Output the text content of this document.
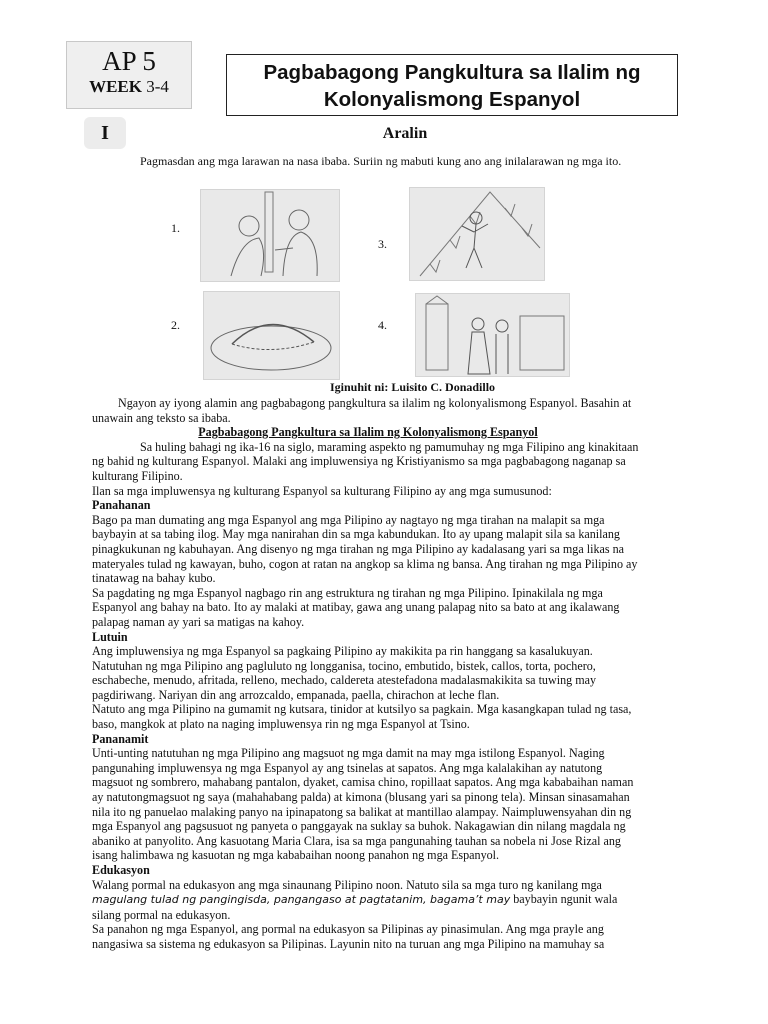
AP 5
WEEK 3-4
Pagbabagong Pangkultura sa Ilalim ng
Kolonyalismong Espanyol
I	Aralin
Pagmasdan ang mga larawan na nasa ibaba. Suriin ng mabuti kung ano ang inilalarawan ng mga ito.
1.
2.
3.
4.
Iginuhit ni: Luisito C. Donadillo

Ngayon ay iyong alamin ang pagbabagong pangkultura sa ilalim ng kolonyalismong Espanyol. Basahin at unawain ang teksto sa ibaba.

Pagbabagong Pangkultura sa Ilalim ng Kolonyalismong Espanyol

Sa huling bahagi ng ika-16 na siglo, maraming aspekto ng pamumuhay ng mga Filipino ang kinakitaan ng bahid ng kulturang Espanyol. Malaki ang impluwensiya ng Kristiyanismo sa mga pagbabagong naganap sa kulturang Filipino.

Ilan sa mga impluwensya ng kulturang Espanyol sa kulturang Filipino ay ang mga sumusunod:

Panahanan

Bago pa man dumating ang mga Espanyol ang mga Pilipino ay nagtayo ng mga tirahan na malapit sa mga baybayin at sa tabing ilog. May mga nanirahan din sa mga kabundukan. Ito ay upang malapit sila sa kanilang pinagkukunan ng kabuhayan. Ang disenyo ng mga tirahan ng mga Pilipino ay kadalasang yari sa mga likas na materyales tulad ng kawayan, buho, cogon at ratan na angkop sa klima ng bansa. Ang tirahan ng mga Pilipino ay tinatawag na bahay kubo.

Sa pagdating ng mga Espanyol nagbago rin ang estruktura ng tirahan ng mga Pilipino. Ipinakilala ng mga Espanyol ang bahay na bato. Ito ay malaki at matibay, gawa ang unang palapag nito sa bato at ang ikalawang palapag naman ay yari sa matigas na kahoy.

Lutuin

Ang impluwensiya ng mga Espanyol sa pagkaing Pilipino ay makikita pa rin hanggang sa kasalukuyan. Natutuhan ng mga Pilipino ang pagluluto ng longganisa, tocino, embutido, bistek, callos, torta, pochero, eschabeche, menudo, afritada, relleno, mechado, caldereta atestefadona madalasmakikita sa tuwing may pagdiriwang. Nariyan din ang arrozcaldo, empanada, paella, chirachon at leche flan.

Natuto ang mga Pilipino na gumamit ng kutsara, tinidor at kutsilyo sa pagkain. Mga kasangkapan tulad ng tasa, baso, mangkok at plato na naging impluwensya rin ng mga Espanyol at Tsino.

Pananamit

Unti-unting natutuhan ng mga Pilipino ang magsuot ng mga damit na may mga istilong Espanyol. Naging pangunahing impluwensya ng mga Espanyol ay ang tsinelas at sapatos. Ang mga kalalakihan ay natutong magsuot ng sombrero, mahabang pantalon, dyaket, camisa chino, ropillaat sapatos. Ang mga kababaihan naman ay natutongmagsuot ng saya (mahahabang palda) at kimona (blusang yari sa pinong tela). Minsan sinasamahan nila ito ng panuelao malaking panyo na ipinapatong sa balikat at mantillao alampay. Naimpluwensyahan din ng mga Espanyol ang pagsusuot ng panyeta o panggayak na suklay sa buhok. Nakagawian din nilang magdala ng abaniko at panyolito. Ang kasuotang Maria Clara, isa sa mga pangunahing tauhan sa nobela ni Jose Rizal ang isang halimbawa ng kasuotan ng mga kababaihan noong panahon ng mga Espanyol.

Edukasyon

Walang pormal na edukasyon ang mga sinaunang Pilipino noon. Natuto sila sa mga turo ng kanilang mga magulang tulad ng pangingisda, pangangaso at pagtatanim, bagama’t may baybayin ngunit wala silang pormal na edukasyon.

Sa panahon ng mga Espanyol, ang pormal na edukasyon sa Pilipinas ay pinasimulan. Ang mga prayle ang nangasiwa sa sistema ng edukasyon sa Pilipinas. Layunin nito na turuan ang mga Pilipino na mamuhay sa
